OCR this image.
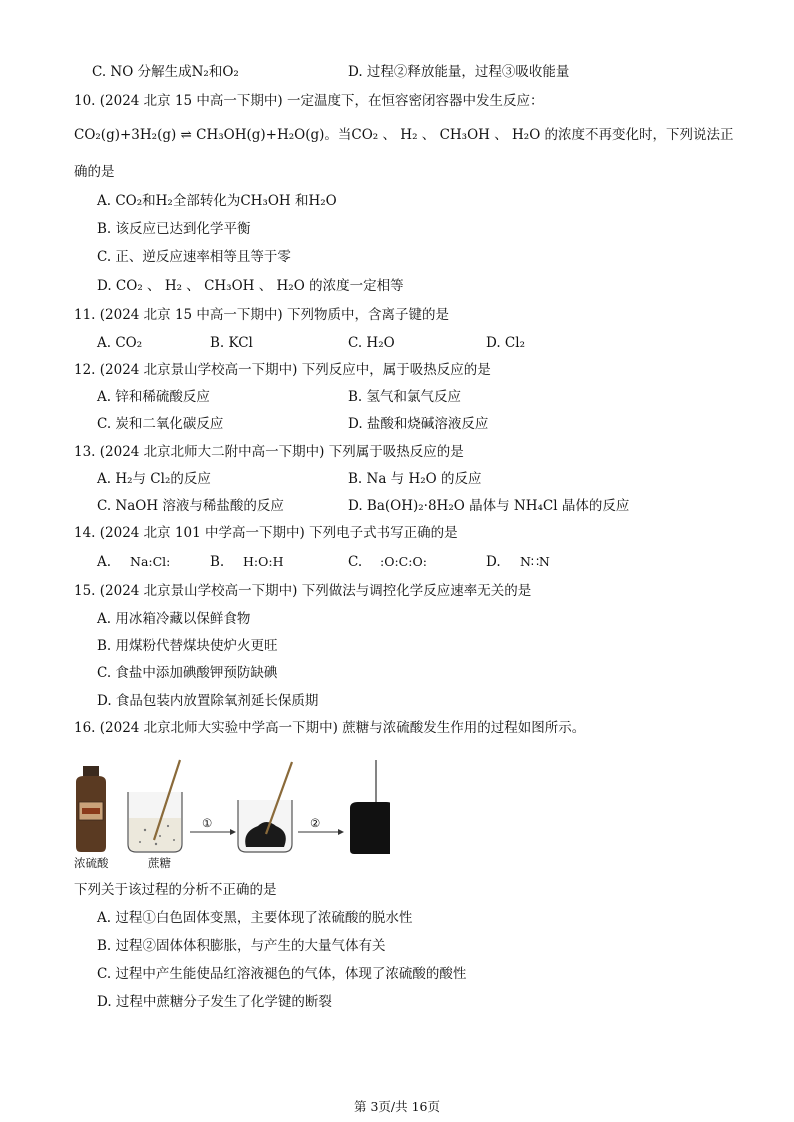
C. NO 分解生成N₂和O₂	D. 过程②释放能量，过程③吸收能量
10. (2024 北京 15 中高一下期中) 一定温度下，在恒容密闭容器中发生反应：
CO₂(g)+3H₂(g) ⇌ CH₃OH(g)+H₂O(g)。当CO₂ 、 H₂ 、 CH₃OH 、 H₂O 的浓度不再变化时，下列说法正
确的是
A. CO₂和H₂全部转化为CH₃OH 和H₂O
B. 该反应已达到化学平衡
C. 正、逆反应速率相等且等于零
D. CO₂ 、 H₂ 、 CH₃OH 、 H₂O 的浓度一定相等
11. (2024 北京 15 中高一下期中) 下列物质中，含离子键的是
A. CO₂	B. KCl	C. H₂O	D. Cl₂
12. (2024 北京景山学校高一下期中) 下列反应中，属于吸热反应的是
A. 锌和稀硫酸反应	B. 氢气和氯气反应
C. 炭和二氧化碳反应	D. 盐酸和烧碱溶液反应
13. (2024 北京北师大二附中高一下期中) 下列属于吸热反应的是
A. H₂与 Cl₂的反应	B. Na 与 H₂O 的反应
C. NaOH 溶液与稀盐酸的反应	D. Ba(OH)₂·8H₂O 晶体与 NH₄Cl 晶体的反应
14. (2024 北京 101 中学高一下期中) 下列电子式书写正确的是
A. Na:Cl:	B. H:O:H	C. :O:C:O:	D. N∷N
15. (2024 北京景山学校高一下期中) 下列做法与调控化学反应速率无关的是
A. 用冰箱冷藏以保鲜食物
B. 用煤粉代替煤块使炉火更旺
C. 食盐中添加碘酸钾预防缺碘
D. 食品包装内放置除氧剂延长保质期
16. (2024 北京北师大实验中学高一下期中) 蔗糖与浓硫酸发生作用的过程如图所示。
浓硫酸	蔗糖
①	②
下列关于该过程的分析不正确的是
A. 过程①白色固体变黑，主要体现了浓硫酸的脱水性
B. 过程②固体体积膨胀，与产生的大量气体有关
C. 过程中产生能使品红溶液褪色的气体，体现了浓硫酸的酸性
D. 过程中蔗糖分子发生了化学键的断裂
第 3页/共 16页
